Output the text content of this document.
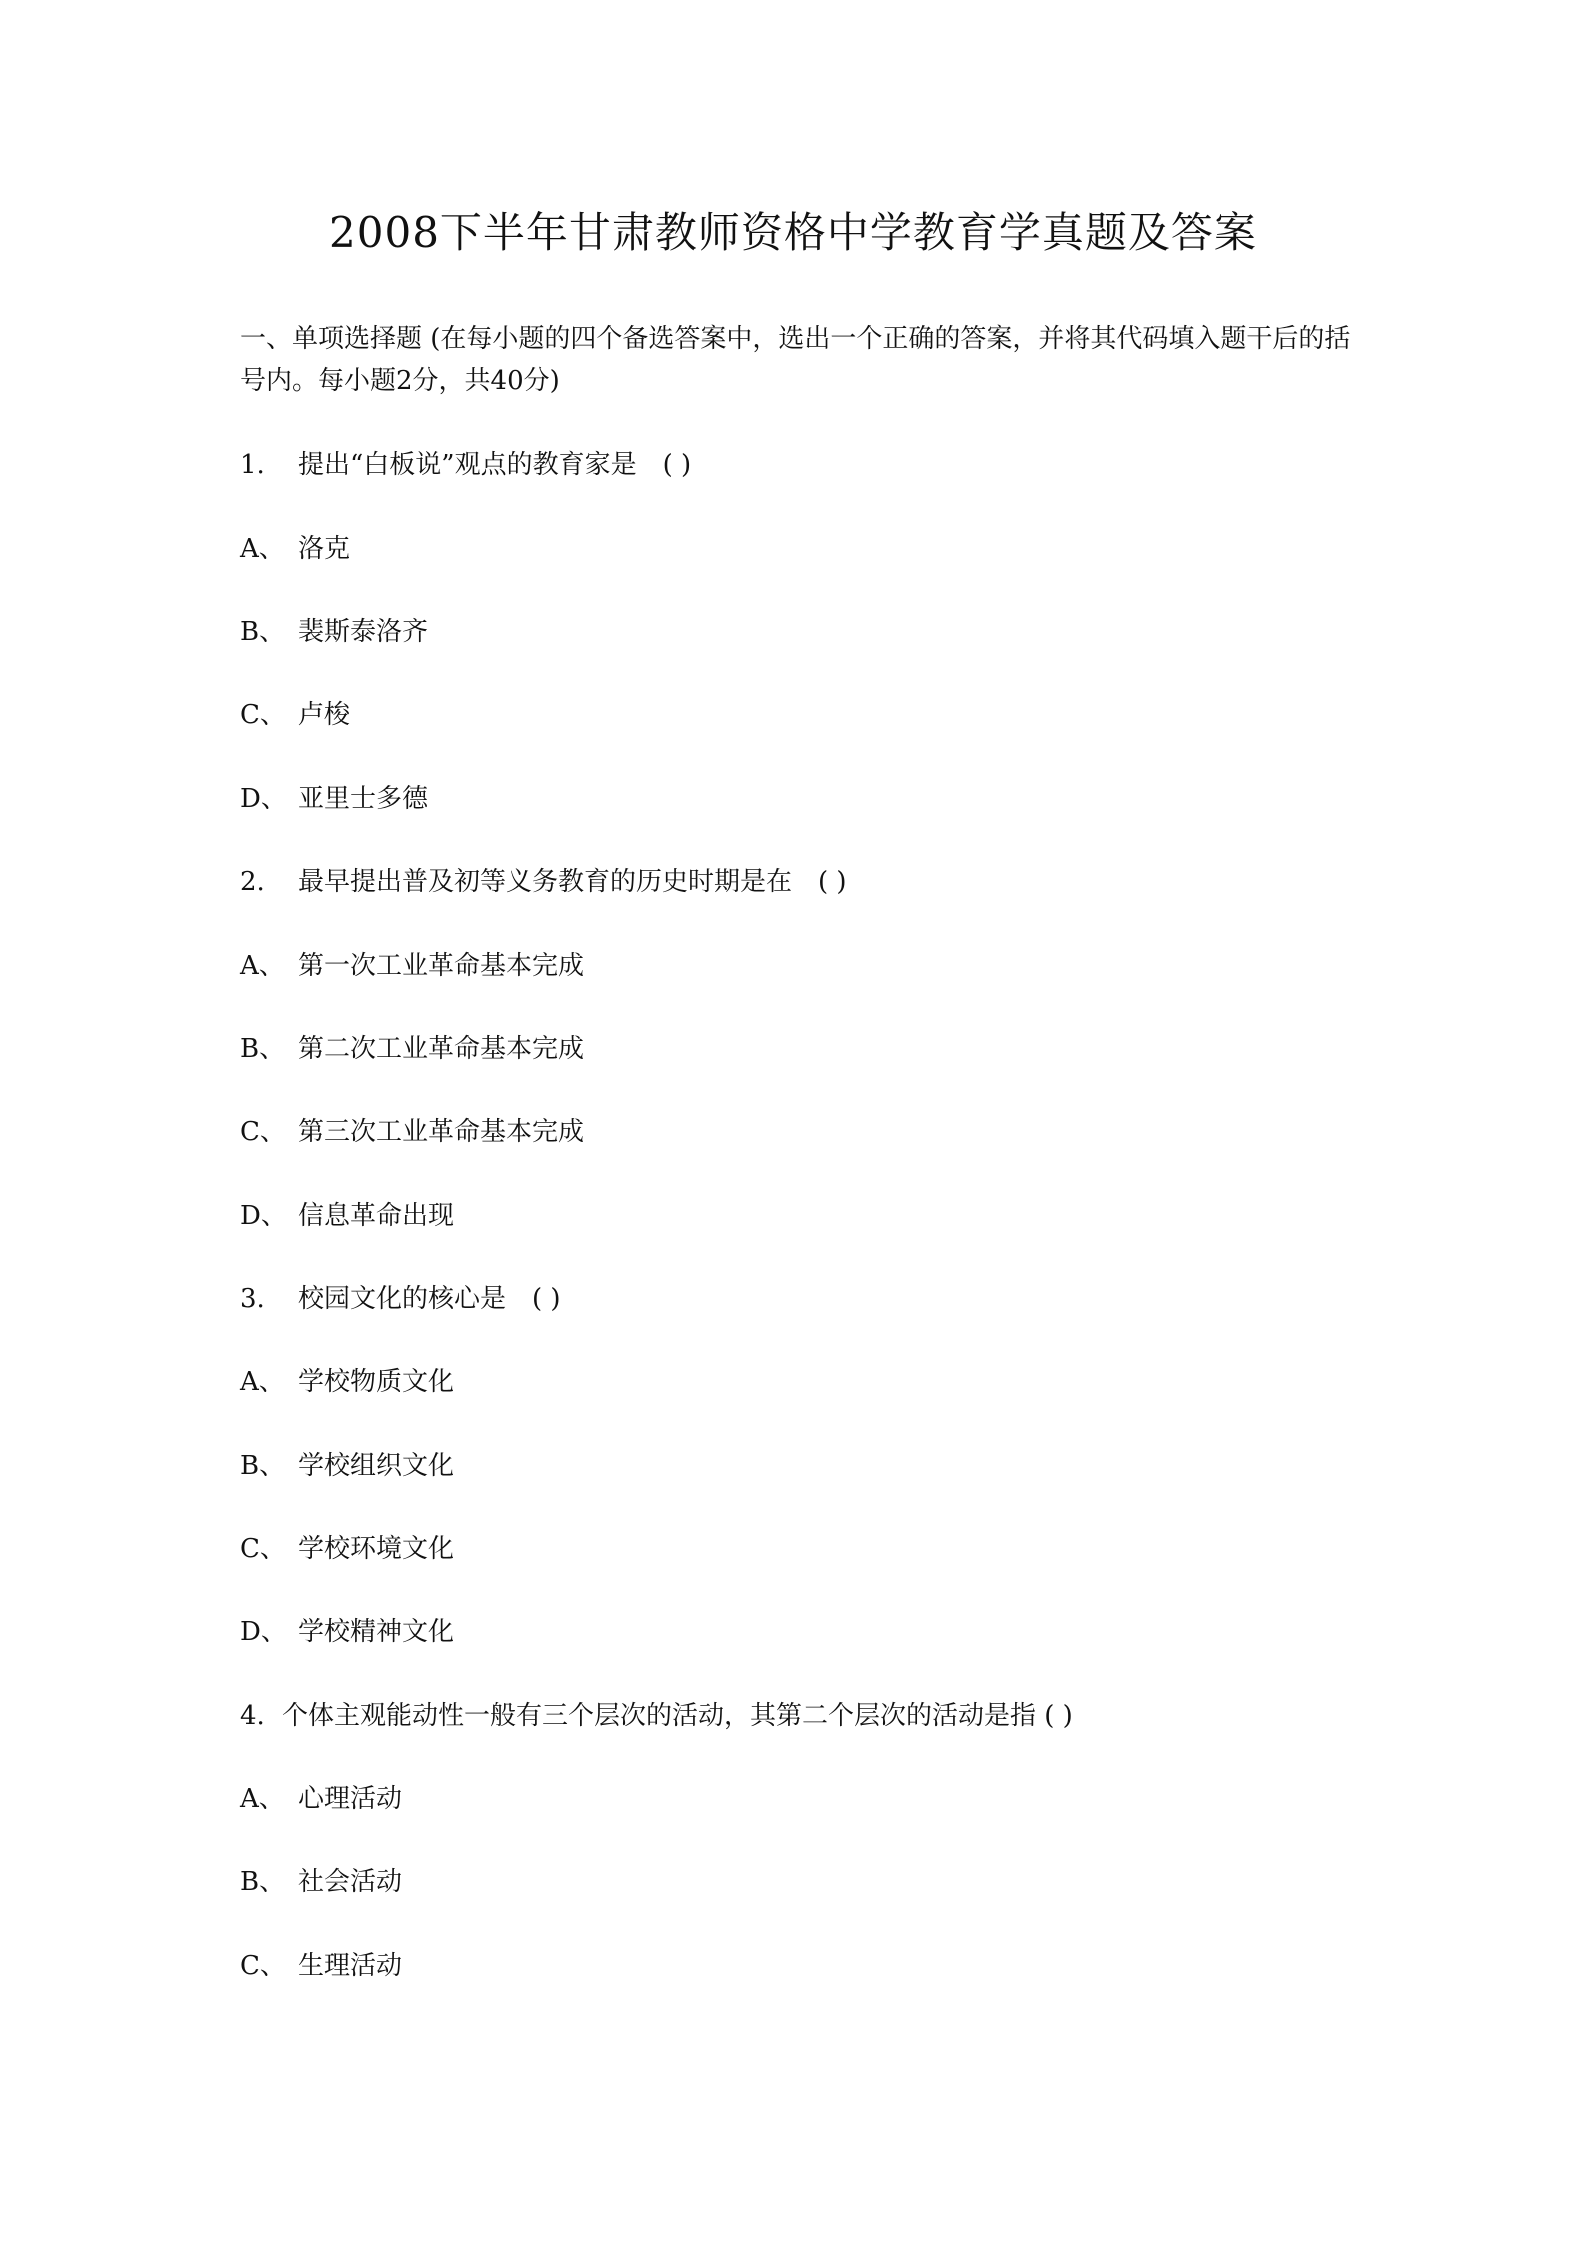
2008下半年甘肃教师资格中学教育学真题及答案
一、单项选择题 (在每小题的四个备选答案中，选出一个正确的答案，并将其代码填入题干后的括号内。每小题2分，共40分)
1. 提出“白板说”观点的教育家是　( )
A、 洛克
B、 裴斯泰洛齐
C、 卢梭
D、 亚里士多德
2. 最早提出普及初等义务教育的历史时期是在　( )
A、 第一次工业革命基本完成
B、 第二次工业革命基本完成
C、 第三次工业革命基本完成
D、 信息革命出现
3. 校园文化的核心是　( )
A、 学校物质文化
B、 学校组织文化
C、 学校环境文化
D、 学校精神文化
4. 个体主观能动性一般有三个层次的活动，其第二个层次的活动是指 ( )
A、 心理活动
B、 社会活动
C、 生理活动
